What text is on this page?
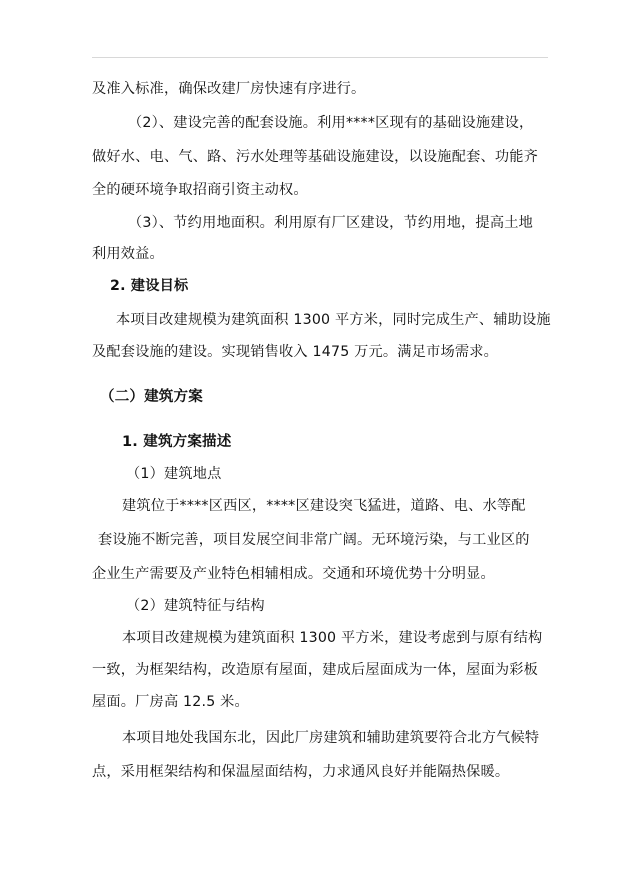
及准入标准，确保改建厂房快速有序进行。
（2）、建设完善的配套设施。利用****区现有的基础设施建设，
做好水、电、气、路、污水处理等基础设施建设，以设施配套、功能齐
全的硬环境争取招商引资主动权。
（3）、节约用地面积。利用原有厂区建设，节约用地，提高土地
利用效益。
2. 建设目标
本项目改建规模为建筑面积 1300 平方米，同时完成生产、辅助设施
及配套设施的建设。实现销售收入 1475 万元。满足市场需求。
（二）建筑方案
1. 建筑方案描述
（1）建筑地点
建筑位于****区西区，****区建设突飞猛进，道路、电、水等配
套设施不断完善，项目发展空间非常广阔。无环境污染，与工业区的
企业生产需要及产业特色相辅相成。交通和环境优势十分明显。
（2）建筑特征与结构
本项目改建规模为建筑面积 1300 平方米，建设考虑到与原有结构
一致，为框架结构，改造原有屋面，建成后屋面成为一体，屋面为彩板
屋面。厂房高 12.5 米。
本项目地处我国东北，因此厂房建筑和辅助建筑要符合北方气候特
点，采用框架结构和保温屋面结构，力求通风良好并能隔热保暖。
